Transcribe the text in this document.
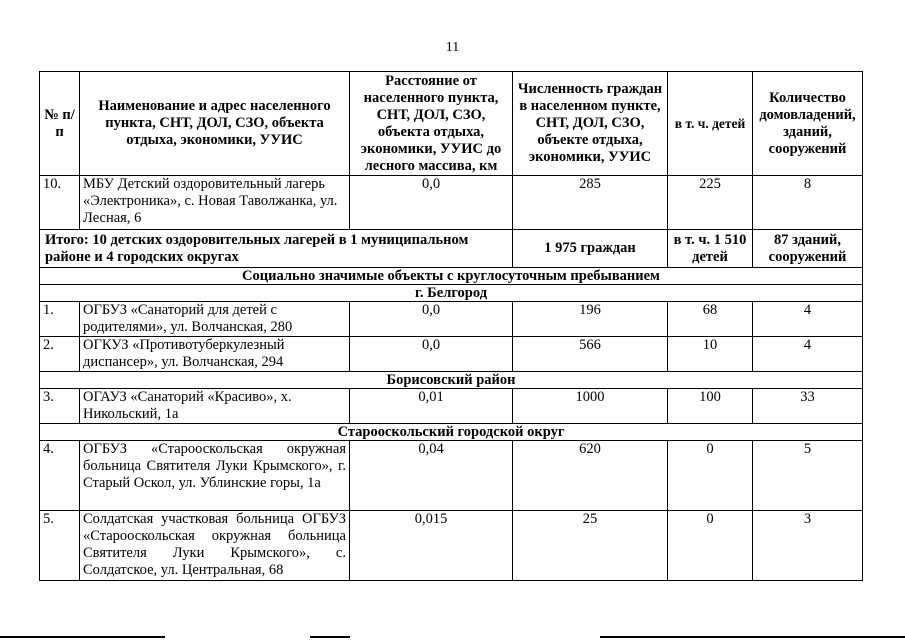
11
№ п/п	Наименование и адрес населенного пункта, СНТ, ДОЛ, СЗО, объекта отдыха, экономики, УУИС	Расстояние от населенного пункта, СНТ, ДОЛ, СЗО, объекта отдыха, экономики, УУИС до лесного массива, км	Численность граждан в населенном пункте, СНТ, ДОЛ, СЗО, объекте отдыха, экономики, УУИС	в т. ч. детей	Количество домовладений, зданий, сооружений
10.	МБУ Детский оздоровительный лагерь «Электроника», с. Новая Таволжанка, ул. Лесная, 6	0,0	285	225	8
Итого: 10 детских оздоровительных лагерей в 1 муниципальном районе и 4 городских округах			1 975 граждан	в т. ч. 1 510 детей	87 зданий, сооружений
Социально значимые объекты с круглосуточным пребыванием					
г. Белгород					
1.	ОГБУЗ «Санаторий для детей с родителями», ул. Волчанская, 280	0,0	196	68	4
2.	ОГКУЗ «Противотуберкулезный диспансер», ул. Волчанская, 294	0,0	566	10	4
Борисовский район					
3.	ОГАУЗ «Санаторий «Красиво», х. Никольский, 1а	0,01	1000	100	33
Старооскольский городской округ					
4.	ОГБУЗ «Старооскольская окружная больница Святителя Луки Крымского», г. Старый Оскол, ул. Ублинские горы, 1а	0,04	620	0	5
5.	Солдатская участковая больница ОГБУЗ «Старооскольская окружная больница Святителя Луки Крымского», с. Солдатское, ул. Центральная, 68	0,015	25	0	3
